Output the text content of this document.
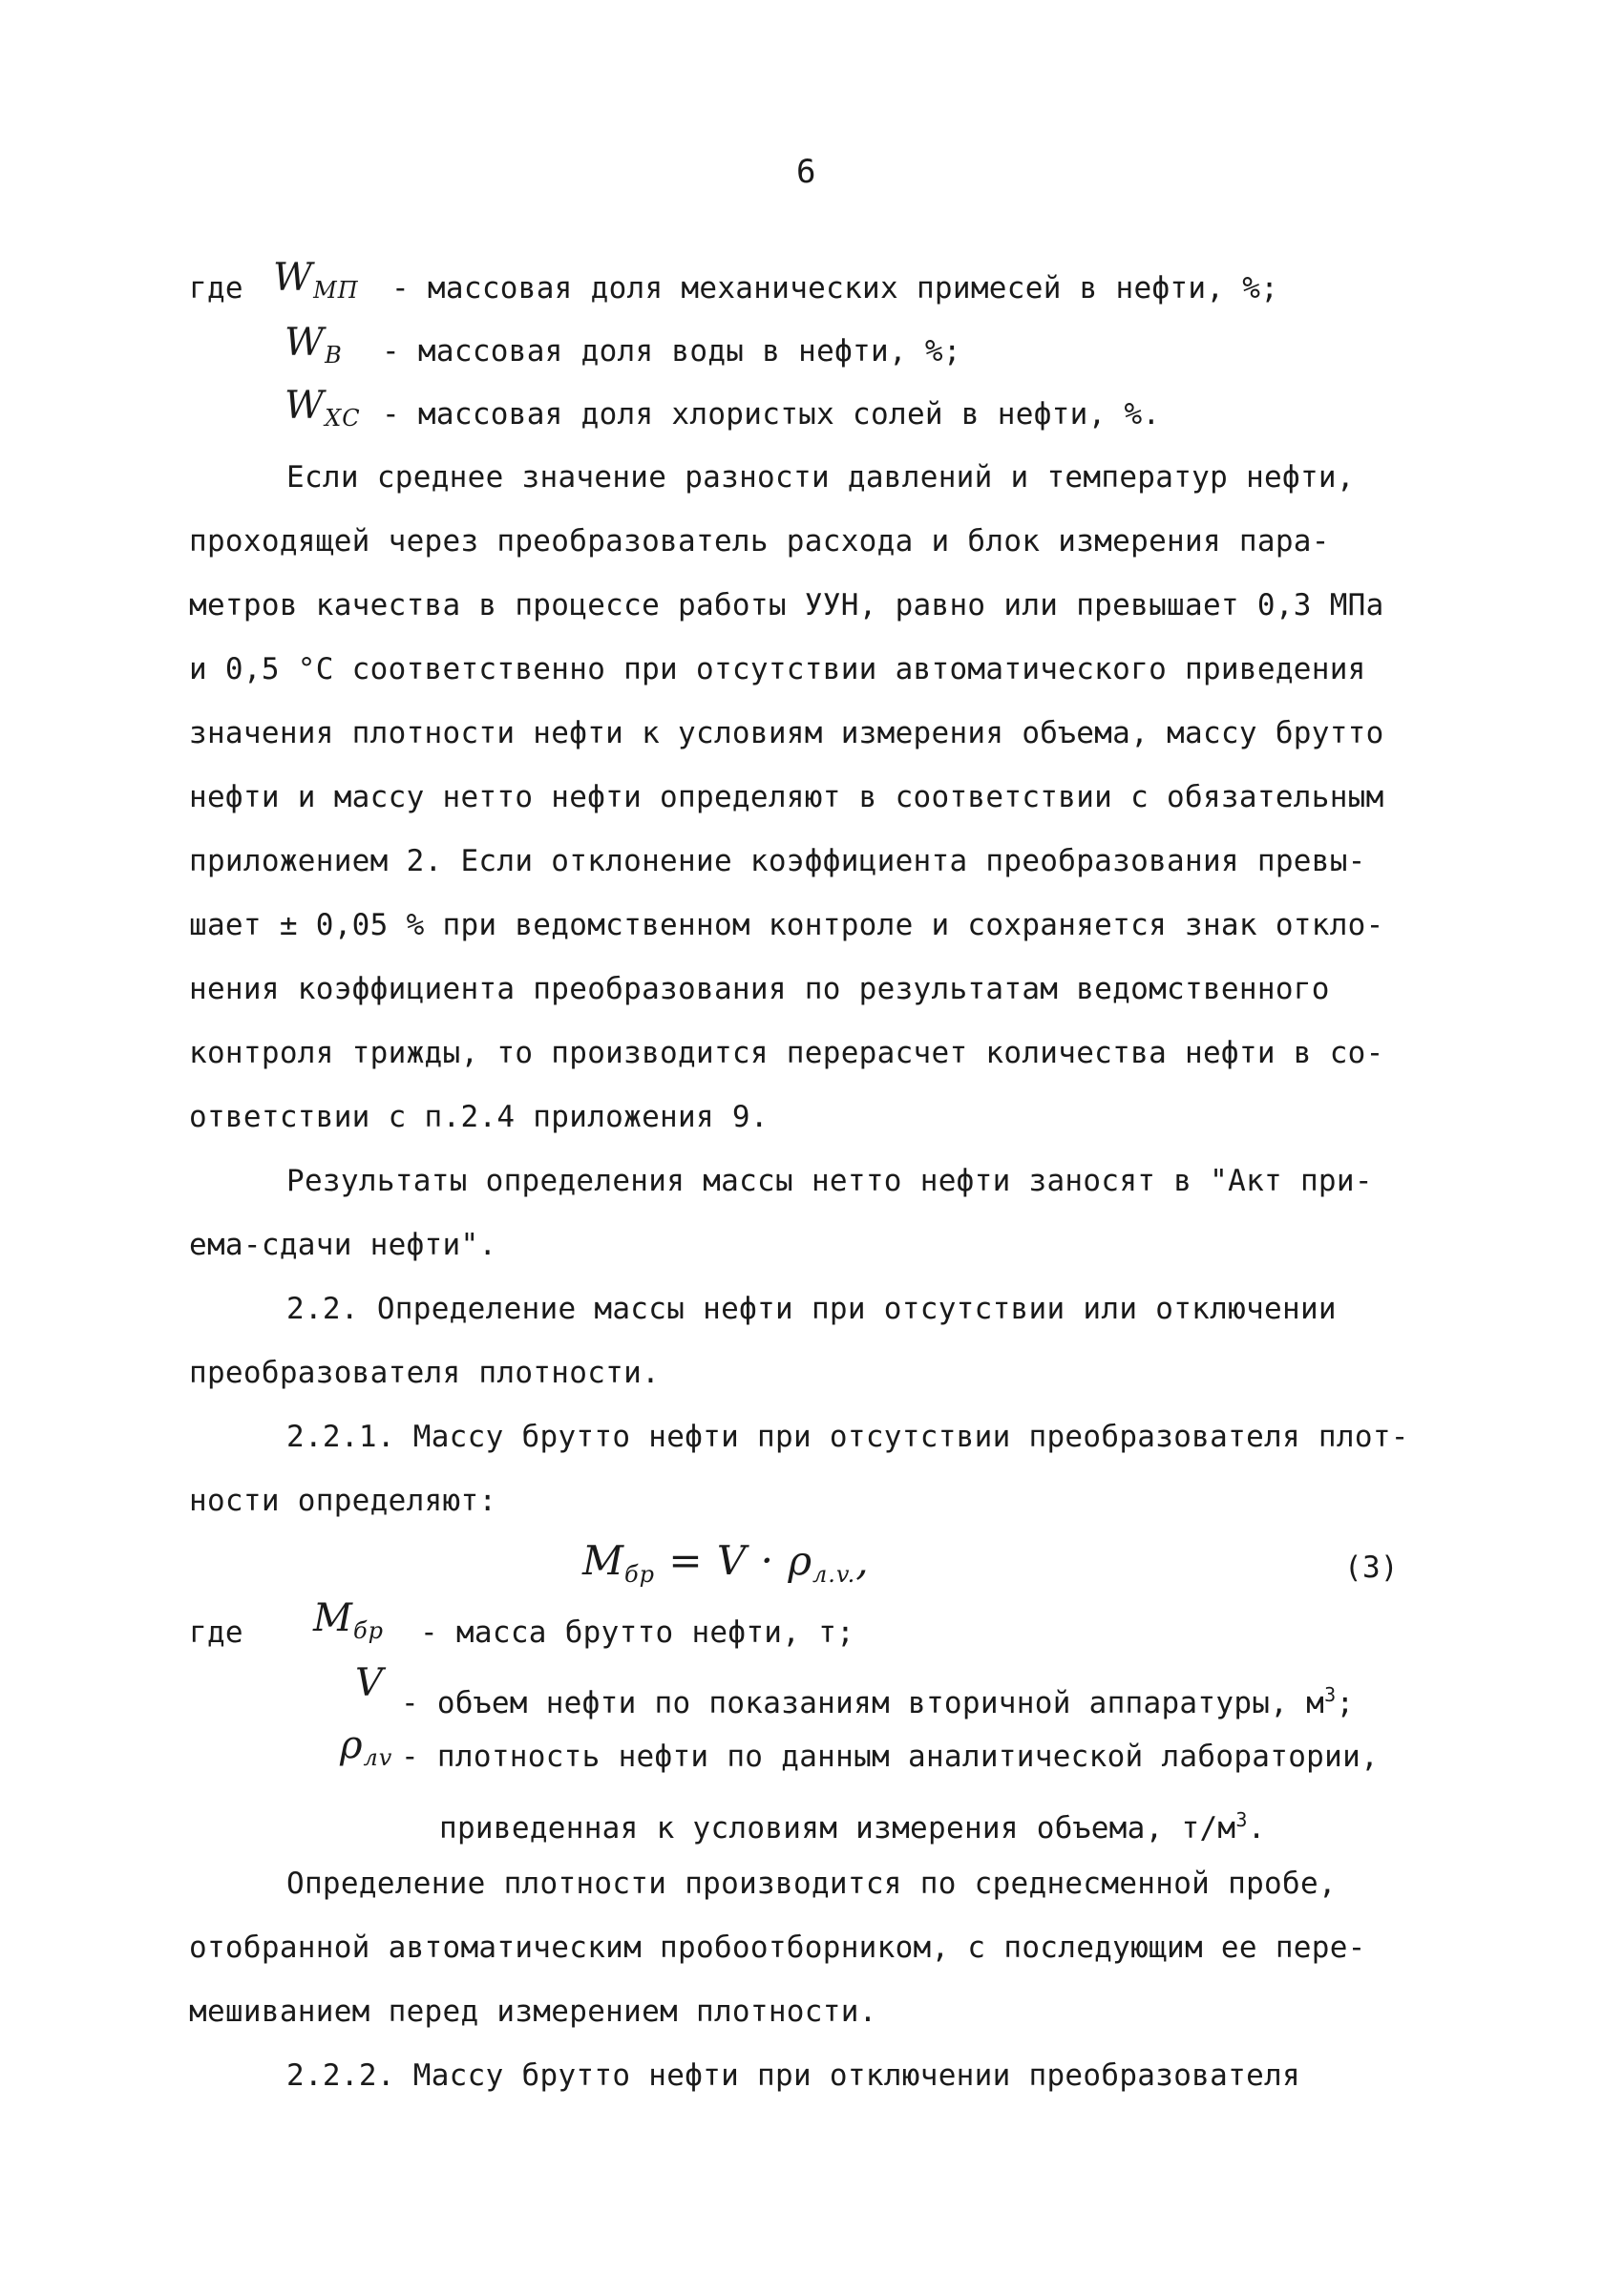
6
где $W_{МП}$ - массовая доля механических примесей в нефти, %;
$W_В$ - массовая доля воды в нефти, %;
$W_{ХС}$ - массовая доля хлористых солей в нефти, %.
Если среднее значение разности давлений и температур нефти,
проходящей через преобразователь расхода и блок измерения пара-
метров качества в процессе работы УУН, равно или превышает 0,3 МПа
и 0,5 °С соответственно при отсутствии автоматического приведения
значения плотности нефти к условиям измерения объема, массу брутто
нефти и массу нетто нефти определяют в соответствии с обязательным
приложением 2. Если отклонение коэффициента преобразования превы-
шает ± 0,05 % при ведомственном контроле и сохраняется знак откло-
нения коэффициента преобразования по результатам ведомственного
контроля трижды, то производится перерасчет количества нефти в со-
ответствии с п.2.4 приложения 9.
Результаты определения массы нетто нефти заносят в "Акт при-
ема-сдачи нефти".
2.2. Определение массы нефти при отсутствии или отключении
преобразователя плотности.
2.2.1. Массу брутто нефти при отсутствии преобразователя плот-
ности определяют:
$M_{бр} = V \cdot \rho_{л.v.}$,	(3)
где $M_{бр}$ - масса брутто нефти, т;
V - объем нефти по показаниям вторичной аппаратуры, $м^3$;
$\rho_{лv}$ - плотность нефти по данным аналитической лаборатории,
приведенная к условиям измерения объема, $т/м^3$.
Определение плотности производится по среднесменной пробе,
отобранной автоматическим пробоотборником, с последующим ее пере-
мешиванием перед измерением плотности.
2.2.2. Массу брутто нефти при отключении преобразователя
